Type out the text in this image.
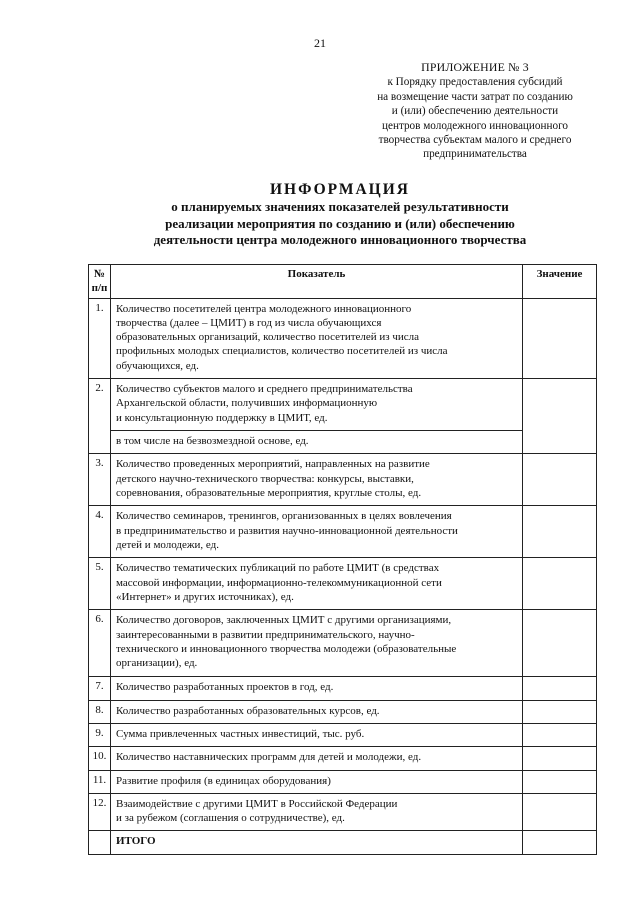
21
ПРИЛОЖЕНИЕ № 3
к Порядку предоставления субсидий
на возмещение части затрат по созданию
и (или) обеспечению деятельности
центров молодежного инновационного
творчества субъектам малого и среднего
предпринимательства
ИНФОРМАЦИЯ
о планируемых значениях показателей результативности
реализации мероприятия по созданию и (или) обеспечению
деятельности центра молодежного инновационного творчества
№
п/п	Показатель	Значение
1.	Количество посетителей центра молодежного инновационного
творчества (далее – ЦМИТ) в год из числа обучающихся
образовательных организаций, количество посетителей из числа
профильных молодых специалистов, количество посетителей из числа
обучающихся, ед.	

2.	Количество субъектов малого и среднего предпринимательства
Архангельской области, получивших информационную
и консультационную поддержку в ЦМИТ, ед.	

	в том числе на безвозмездной основе, ед.	
3.	Количество проведенных мероприятий, направленных на развитие
детского научно-технического творчества: конкурсы, выставки,
соревнования, образовательные мероприятия, круглые столы, ед.	

4.	Количество семинаров, тренингов, организованных в целях вовлечения
в предпринимательство и развития научно-инновационной деятельности
детей и молодежи, ед.	

5.	Количество тематических публикаций по работе ЦМИТ (в средствах
массовой информации, информационно-телекоммуникационной сети
«Интернет» и других источниках), ед.	

6.	Количество договоров, заключенных ЦМИТ с другими организациями,
заинтересованными в развитии предпринимательского, научно-
технического и инновационного творчества молодежи (образовательные
организации), ед.	

7.	Количество разработанных проектов в год, ед.	
8.	Количество разработанных образовательных курсов, ед.	
9.	Сумма привлеченных частных инвестиций, тыс. руб.	
10.	Количество наставнических программ для детей и молодежи, ед.	
11.	Развитие профиля (в единицах оборудования)	
12.	Взаимодействие с другими ЦМИТ в Российской Федерации
и за рубежом (соглашения о сотрудничестве), ед.	

	ИТОГО	
